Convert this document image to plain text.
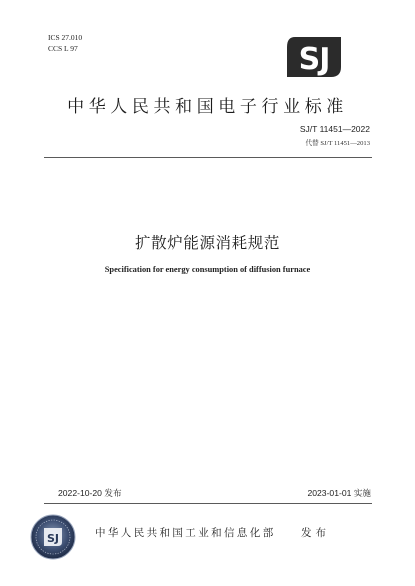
ICS 27.010
CCS L 97	SJ
中华人民共和国电子行业标准
SJ/T 11451—2022
代替 SJ/T 11451—2013
扩散炉能源消耗规范
Specification for energy consumption of diffusion furnace
2022-10-20 发布	2023-01-01 实施
SJ	中华人民共和国工业和信息化部 发布
